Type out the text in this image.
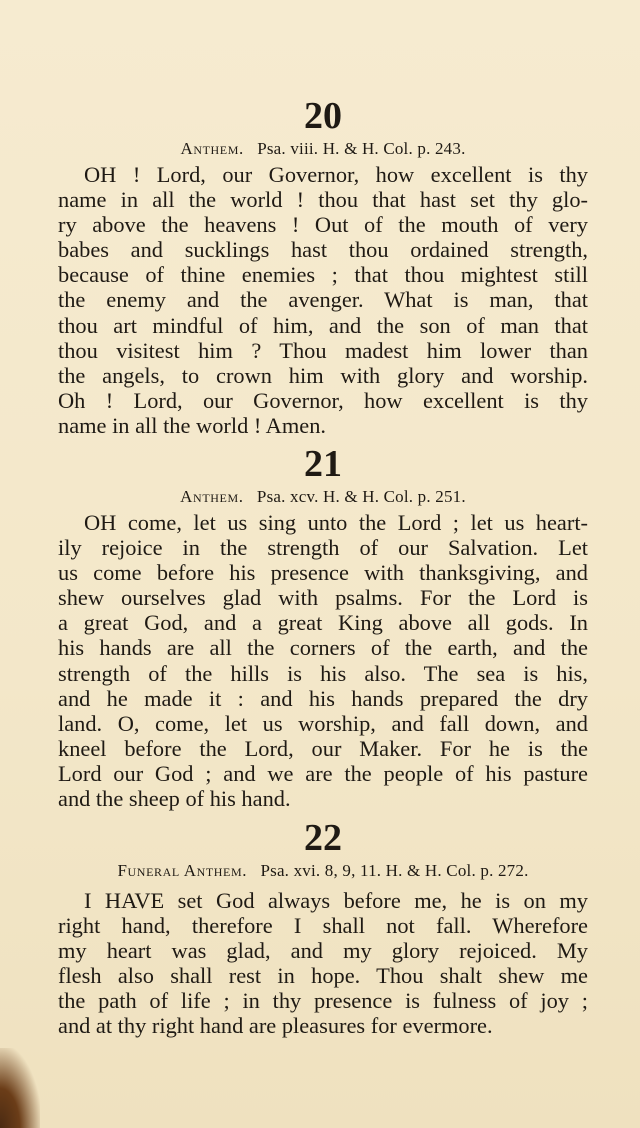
20
Anthem. Psa. viii. H. & H. Col. p. 243.
OH ! Lord, our Governor, how excellent is thy
name in all the world ! thou that hast set thy glo-
ry above the heavens ! Out of the mouth of very
babes and sucklings hast thou ordained strength,
because of thine enemies ; that thou mightest still
the enemy and the avenger. What is man, that
thou art mindful of him, and the son of man that
thou visitest him ? Thou madest him lower than
the angels, to crown him with glory and worship.
Oh ! Lord, our Governor, how excellent is thy
name in all the world ! Amen.
21
Anthem. Psa. xcv. H. & H. Col. p. 251.
OH come, let us sing unto the Lord ; let us heart-
ily rejoice in the strength of our Salvation. Let
us come before his presence with thanksgiving, and
shew ourselves glad with psalms. For the Lord is
a great God, and a great King above all gods. In
his hands are all the corners of the earth, and the
strength of the hills is his also. The sea is his,
and he made it : and his hands prepared the dry
land. O, come, let us worship, and fall down, and
kneel before the Lord, our Maker. For he is the
Lord our God ; and we are the people of his pasture
and the sheep of his hand.
22
Funeral Anthem. Psa. xvi. 8, 9, 11. H. & H. Col. p. 272.
I HAVE set God always before me, he is on my
right hand, therefore I shall not fall. Wherefore
my heart was glad, and my glory rejoiced. My
flesh also shall rest in hope. Thou shalt shew me
the path of life ; in thy presence is fulness of joy ;
and at thy right hand are pleasures for evermore.
